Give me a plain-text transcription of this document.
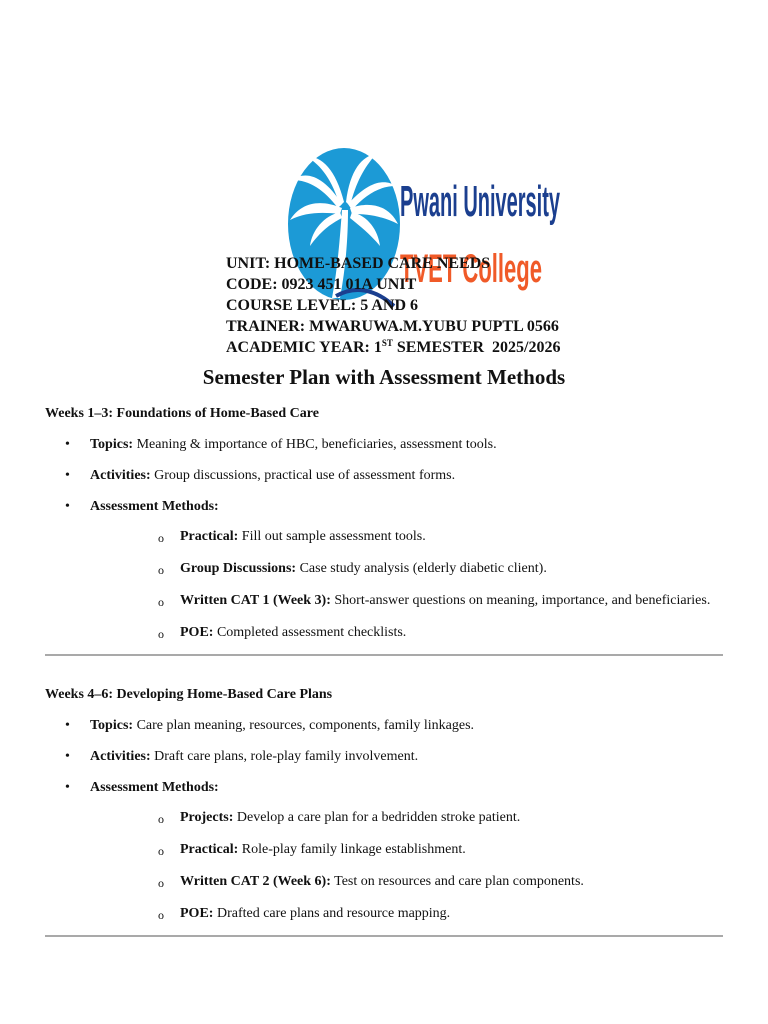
Pwani University
TVET College
UNIT: HOME-BASED CARE NEEDS
CODE: 0923 451 01A UNIT
COURSE LEVEL: 5 AND 6
TRAINER: MWARUWA.M.YUBU PUPTL 0566
ACADEMIC YEAR: 1ST SEMESTER  2025/2026
Semester Plan with Assessment Methods

Weeks 1–3: Foundations of Home-Based Care

• Topics: Meaning & importance of HBC, beneficiaries, assessment tools.
• Activities: Group discussions, practical use of assessment forms.
• Assessment Methods:
o Practical: Fill out sample assessment tools.
o Group Discussions: Case study analysis (elderly diabetic client).
o Written CAT 1 (Week 3): Short-answer questions on meaning, importance, and beneficiaries.
o POE: Completed assessment checklists.

Weeks 4–6: Developing Home-Based Care Plans

• Topics: Care plan meaning, resources, components, family linkages.
• Activities: Draft care plans, role-play family involvement.
• Assessment Methods:
o Projects: Develop a care plan for a bedridden stroke patient.
o Practical: Role-play family linkage establishment.
o Written CAT 2 (Week 6): Test on resources and care plan components.
o POE: Drafted care plans and resource mapping.
